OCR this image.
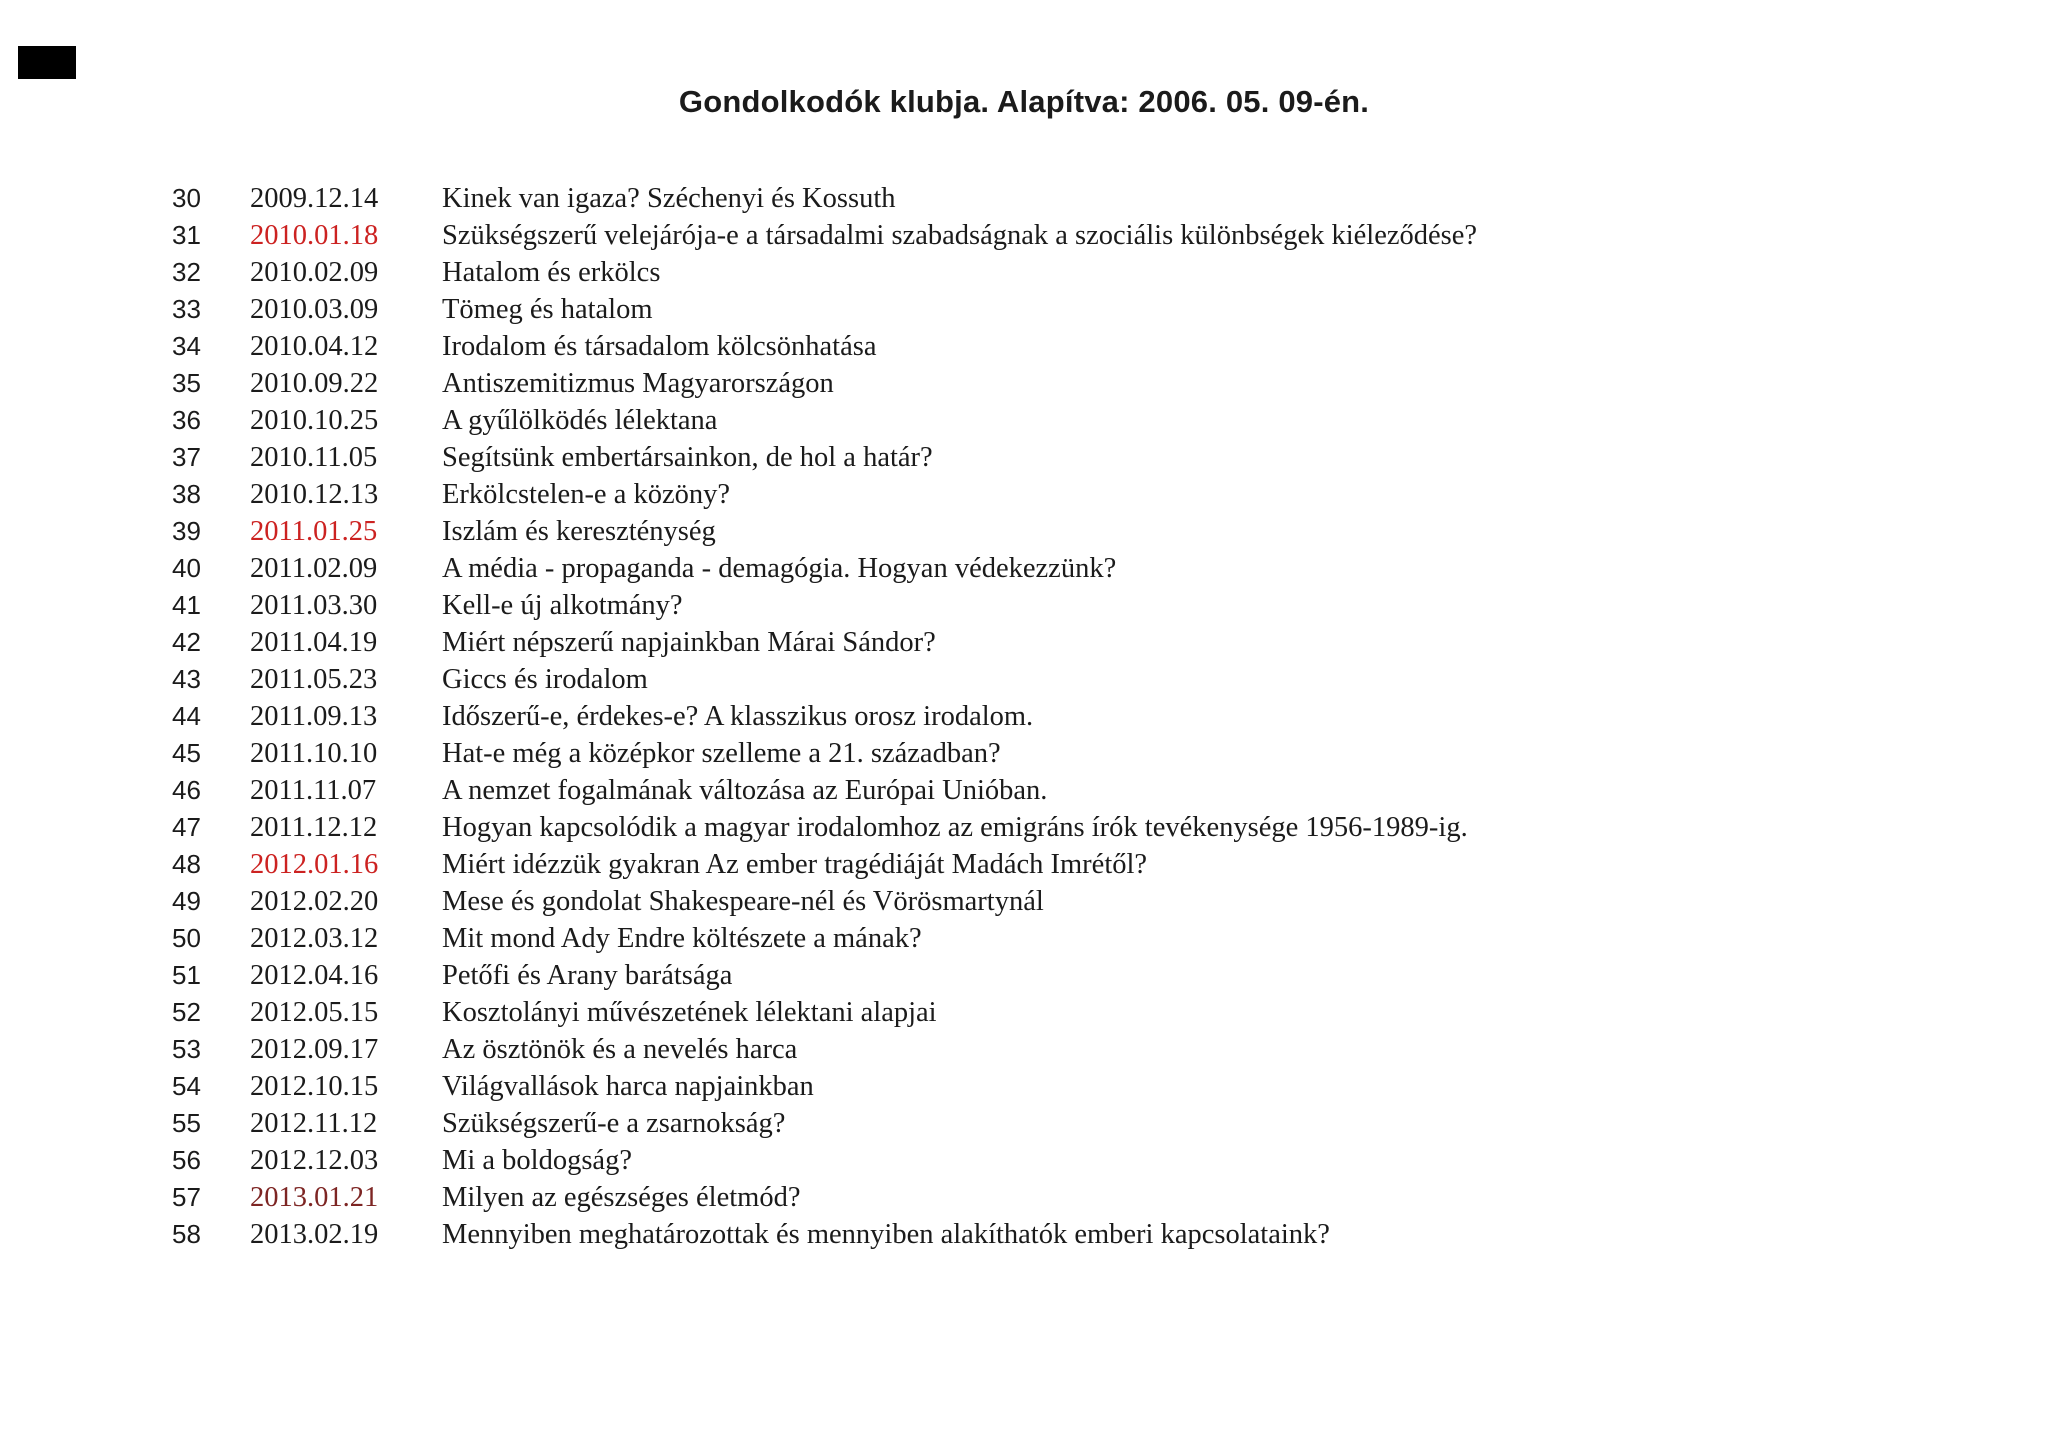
Gondolkodók klubja. Alapítva: 2006. 05. 09-én.
30	2009.12.14	Kinek van igaza? Széchenyi és Kossuth
31	2010.01.18	Szükségszerű velejárója-e a társadalmi szabadságnak a szociális különbségek kiéleződése?
32	2010.02.09	Hatalom és erkölcs
33	2010.03.09	Tömeg és hatalom
34	2010.04.12	Irodalom és társadalom kölcsönhatása
35	2010.09.22	Antiszemitizmus Magyarországon
36	2010.10.25	A gyűlölködés lélektana
37	2010.11.05	Segítsünk embertársainkon, de hol a határ?
38	2010.12.13	Erkölcstelen-e a közöny?
39	2011.01.25	Iszlám és kereszténység
40	2011.02.09	A média - propaganda - demagógia. Hogyan védekezzünk?
41	2011.03.30	Kell-e új alkotmány?
42	2011.04.19	Miért népszerű napjainkban Márai Sándor?
43	2011.05.23	Giccs és irodalom
44	2011.09.13	Időszerű-e, érdekes-e? A klasszikus orosz irodalom.
45	2011.10.10	Hat-e még a középkor szelleme a 21. században?
46	2011.11.07	A nemzet fogalmának változása az Európai Unióban.
47	2011.12.12	Hogyan kapcsolódik a magyar irodalomhoz az emigráns írók tevékenysége 1956-1989-ig.
48	2012.01.16	Miért idézzük gyakran Az ember tragédiáját Madách Imrétől?
49	2012.02.20	Mese és gondolat Shakespeare-nél és Vörösmartynál
50	2012.03.12	Mit mond Ady Endre költészete a mának?
51	2012.04.16	Petőfi és Arany barátsága
52	2012.05.15	Kosztolányi művészetének lélektani alapjai
53	2012.09.17	Az ösztönök és a nevelés harca
54	2012.10.15	Világvallások harca napjainkban
55	2012.11.12	Szükségszerű-e a zsarnokság?
56	2012.12.03	Mi a boldogság?
57	2013.01.21	Milyen az egészséges életmód?
58	2013.02.19	Mennyiben meghatározottak és mennyiben alakíthatók emberi kapcsolataink?
